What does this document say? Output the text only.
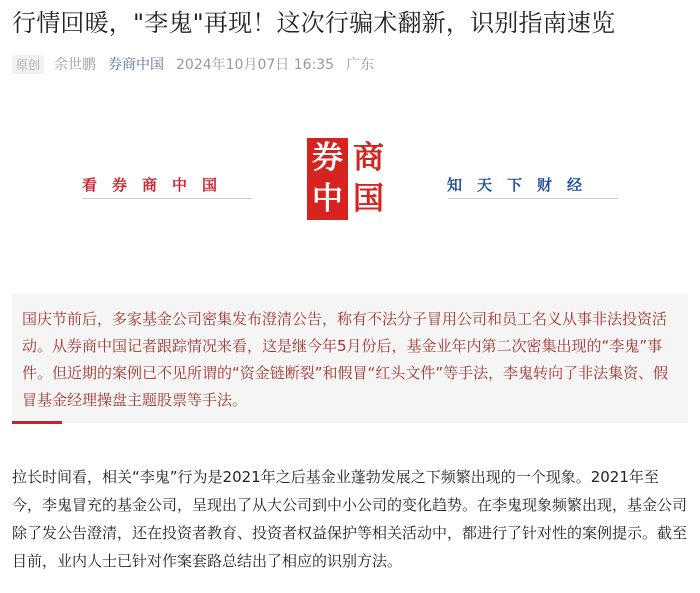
行情回暖，"李鬼"再现！这次行骗术翻新，识别指南速览
原创 余世鹏 券商中国 2024年10月07日 16:35 广东
看券商中国	知天下财经
券 商
中 国

国庆节前后，多家基金公司密集发布澄清公告，称有不法分子冒用公司和员工名义从事非法投资活动。从券商中国记者跟踪情况来看，这是继今年5月份后，基金业年内第二次密集出现的“李鬼”事件。但近期的案例已不见所谓的“资金链断裂”和假冒“红头文件”等手法，李鬼转向了非法集资、假冒基金经理操盘主题股票等手法。

拉长时间看，相关“李鬼”行为是2021年之后基金业蓬勃发展之下频繁出现的一个现象。2021年至今，李鬼冒充的基金公司，呈现出了从大公司到中小公司的变化趋势。在李鬼现象频繁出现，基金公司除了发公告澄清，还在投资者教育、投资者权益保护等相关活动中，都进行了针对性的案例提示。截至目前，业内人士已针对作案套路总结出了相应的识别方法。
